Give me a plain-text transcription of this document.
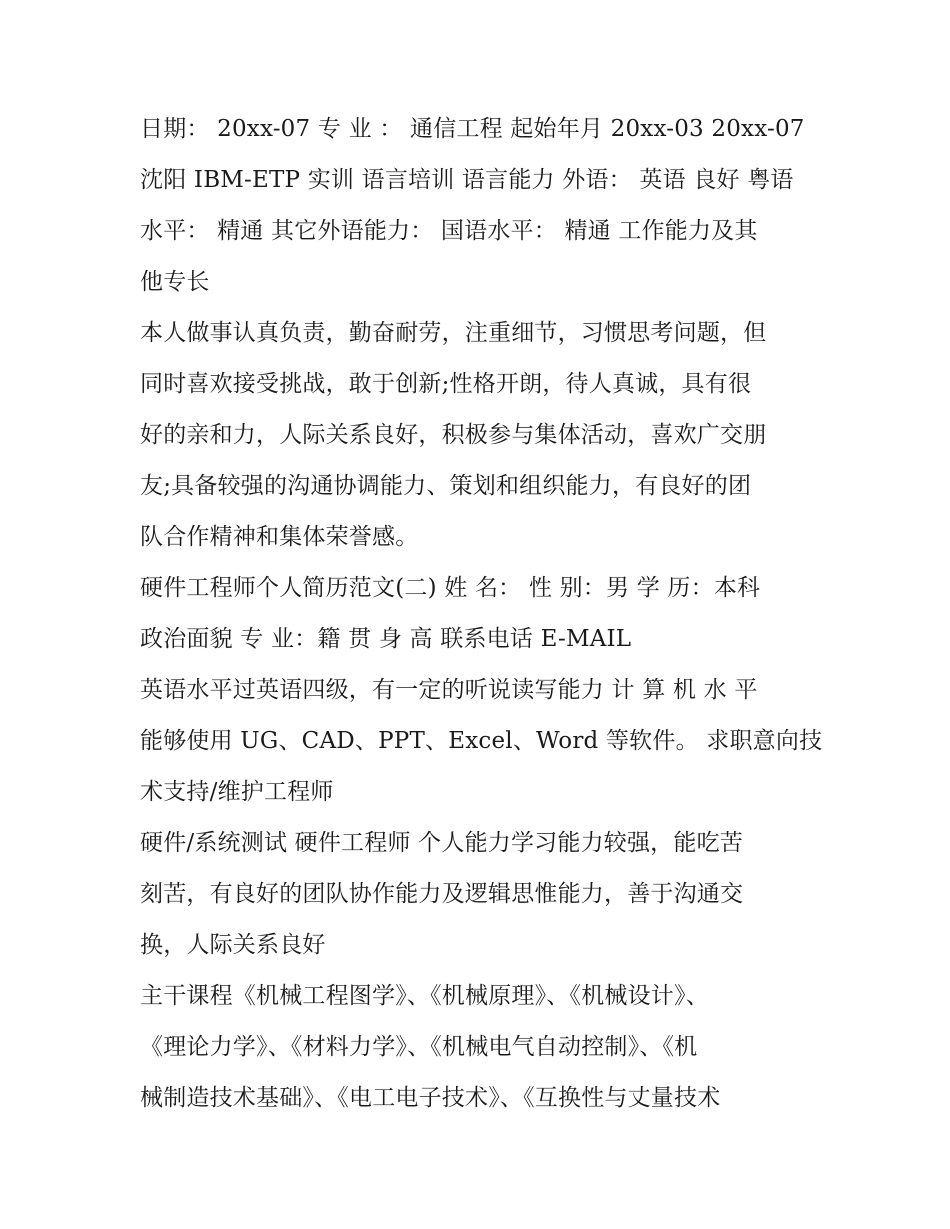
日期： 20xx-07 专 业 ： 通信工程 起始年月 20xx-03 20xx-07
沈阳 IBM-ETP 实训 语言培训 语言能力 外语： 英语 良好 粤语
水平： 精通 其它外语能力： 国语水平： 精通 工作能力及其
他专长
本人做事认真负责，勤奋耐劳，注重细节，习惯思考问题，但
同时喜欢接受挑战，敢于创新;性格开朗，待人真诚，具有很
好的亲和力，人际关系良好，积极参与集体活动，喜欢广交朋
友;具备较强的沟通协调能力、策划和组织能力，有良好的团
队合作精神和集体荣誉感。
硬件工程师个人简历范文(二) 姓 名： 性 别：男 学 历：本科
政治面貌 专 业：籍 贯 身 高 联系电话 E-MAIL
英语水平过英语四级，有一定的听说读写能力 计 算 机 水 平
能够使用 UG、CAD、PPT、Excel、Word 等软件。 求职意向技
术支持/维护工程师
硬件/系统测试 硬件工程师 个人能力学习能力较强，能吃苦
刻苦，有良好的团队协作能力及逻辑思惟能力，善于沟通交
换，人际关系良好
主干课程《机械工程图学》、《机械原理》、《机械设计》、
《理论力学》、《材料力学》、《机械电气自动控制》、《机
械制造技术基础》、《电工电子技术》、《互换性与丈量技术
